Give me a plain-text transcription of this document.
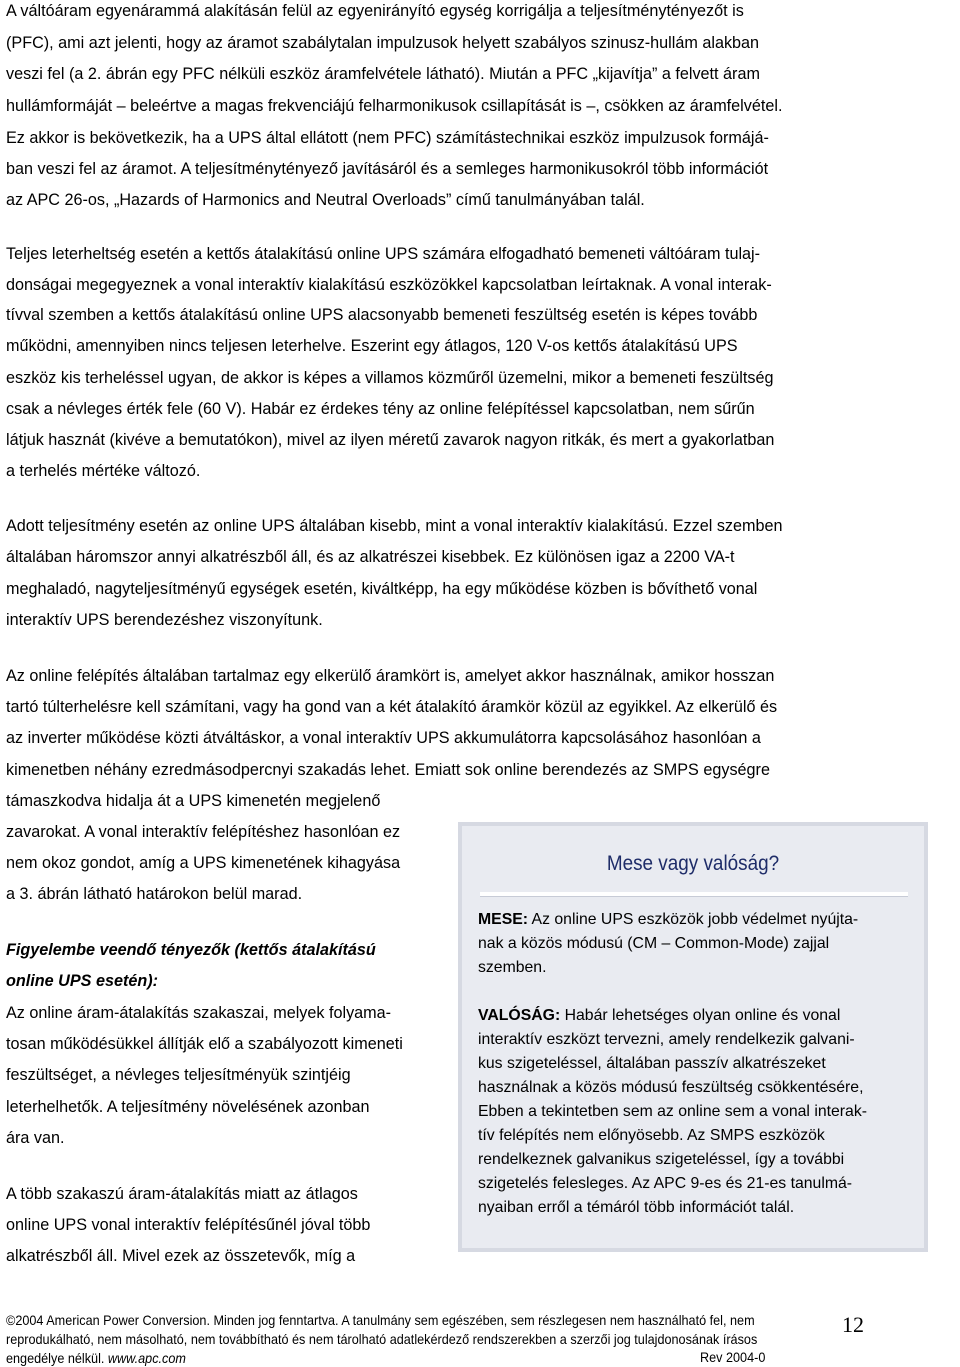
A váltóáram egyenárammá alakításán felül az egyenirányító egység korrigálja a teljesítménytényezőt is
(PFC), ami azt jelenti, hogy az áramot szabálytalan impulzusok helyett szabályos szinusz-hullám alakban
veszi fel (a 2. ábrán egy PFC nélküli eszköz áramfelvétele látható). Miután a PFC „kijavítja” a felvett áram
hullámformáját – beleértve a magas frekvenciájú felharmonikusok csillapítását is –, csökken az áramfelvétel.
Ez akkor is bekövetkezik, ha a UPS által ellátott (nem PFC) számítástechnikai eszköz impulzusok formájá-
ban veszi fel az áramot. A teljesítménytényező javításáról és a semleges harmonikusokról több információt
az APC 26-os, „Hazards of Harmonics and Neutral Overloads” című tanulmányában talál.
Teljes leterheltség esetén a kettős átalakítású online UPS számára elfogadható bemeneti váltóáram tulaj-
donságai megegyeznek a vonal interaktív kialakítású eszközökkel kapcsolatban leírtaknak. A vonal interak-
tívval szemben a kettős átalakítású online UPS alacsonyabb bemeneti feszültség esetén is képes tovább
működni, amennyiben nincs teljesen leterhelve. Eszerint egy átlagos, 120 V-os kettős átalakítású UPS
eszköz kis terheléssel ugyan, de akkor is képes a villamos közműről üzemelni, mikor a bemeneti feszültség
csak a névleges érték fele (60 V). Habár ez érdekes tény az online felépítéssel kapcsolatban, nem sűrűn
látjuk hasznát (kivéve a bemutatókon), mivel az ilyen méretű zavarok nagyon ritkák, és mert a gyakorlatban
a terhelés mértéke változó.
Adott teljesítmény esetén az online UPS általában kisebb, mint a vonal interaktív kialakítású. Ezzel szemben
általában háromszor annyi alkatrészből áll, és az alkatrészei kisebbek. Ez különösen igaz a 2200 VA-t
meghaladó, nagyteljesítményű egységek esetén, kiváltképp, ha egy működése közben is bővíthető vonal
interaktív UPS berendezéshez viszonyítunk.
Az online felépítés általában tartalmaz egy elkerülő áramkört is, amelyet akkor használnak, amikor hosszan
tartó túlterhelésre kell számítani, vagy ha gond van a két átalakító áramkör közül az egyikkel. Az elkerülő és
az inverter működése közti átváltáskor, a vonal interaktív UPS akkumulátorra kapcsolásához hasonlóan a
kimenetben néhány ezredmásodpercnyi szakadás lehet. Emiatt sok online berendezés az SMPS egységre
támaszkodva hidalja át a UPS kimenetén megjelenő
zavarokat. A vonal interaktív felépítéshez hasonlóan ez
nem okoz gondot, amíg a UPS kimenetének kihagyása
a 3. ábrán látható határokon belül marad.
Figyelembe veendő tényezők (kettős átalakítású
online UPS esetén):
Az online áram-átalakítás szakaszai, melyek folyama-
tosan működésükkel állítják elő a szabályozott kimeneti
feszültséget, a névleges teljesítményük szintjéig
leterhelhetők. A teljesítmény növelésének azonban
ára van.
A több szakaszú áram-átalakítás miatt az átlagos
online UPS vonal interaktív felépítésűnél jóval több
alkatrészből áll. Mivel ezek az összetevők, míg a
Mese vagy valóság?
MESE: Az online UPS eszközök jobb védelmet nyújta-
nak a közös módusú (CM – Common-Mode) zajjal
szemben.
VALÓSÁG: Habár lehetséges olyan online és vonal
interaktív eszközt tervezni, amely rendelkezik galvani-
kus szigeteléssel, általában passzív alkatrészeket
használnak a közös módusú feszültség csökkentésére,
Ebben a tekintetben sem az online sem a vonal interak-
tív felépítés nem előnyösebb. Az SMPS eszközök
rendelkeznek galvanikus szigeteléssel, így a további
szigetelés felesleges. Az APC 9-es és 21-es tanulmá-
nyaiban erről a témáról több információt talál.
©2004 American Power Conversion. Minden jog fenntartva. A tanulmány sem egészében, sem részlegesen nem használható fel, nem
reprodukálható, nem másolható, nem továbbítható és nem tárolható adatlekérdező rendszerekben a szerzői jog tulajdonosának írásos
engedélye nélkül. www.apc.com	Rev 2004-0
12
